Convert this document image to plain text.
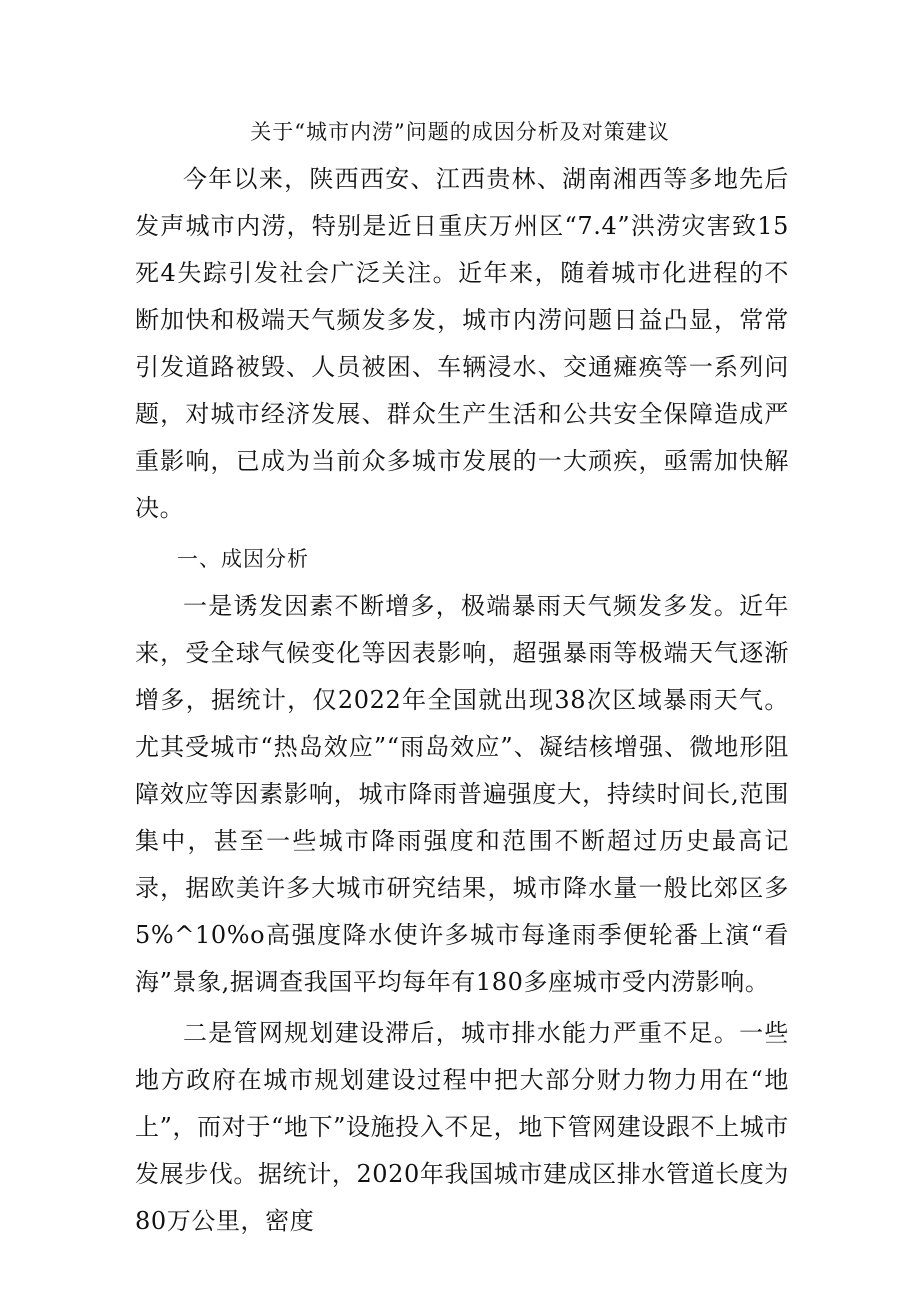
关于“城市内涝”问题的成因分析及对策建议

今年以来，陕西西安、江西贵林、湖南湘西等多地先后发声城市内涝，特别是近日重庆万州区“7.4”洪涝灾害致15死4失踪引发社会广泛关注。近年来，随着城市化进程的不断加快和极端天气频发多发，城市内涝问题日益凸显，常常引发道路被毁、人员被困、车辆浸水、交通瘫痪等一系列问题，对城市经济发展、群众生产生活和公共安全保障造成严重影响，已成为当前众多城市发展的一大顽疾，亟需加快解决。

一、成因分析

一是诱发因素不断增多，极端暴雨天气频发多发。近年来，受全球气候变化等因表影响，超强暴雨等极端天气逐渐增多，据统计，仅2022年全国就出现38次区域暴雨天气。尤其受城市“热岛效应”“雨岛效应”、凝结核增强、微地形阻障效应等因素影响，城市降雨普遍强度大，持续时间长,范围集中，甚至一些城市降雨强度和范围不断超过历史最高记录，据欧美许多大城市研究结果，城市降水量一般比郊区多5%^10%o高强度降水使许多城市每逢雨季便轮番上演“看海”景象,据调查我国平均每年有180多座城市受内涝影响。

二是管网规划建设滞后，城市排水能力严重不足。一些地方政府在城市规划建设过程中把大部分财力物力用在“地上”，而对于“地下”设施投入不足，地下管网建设跟不上城市发展步伐。据统计，2020年我国城市建成区排水管道长度为80万公里，密度
